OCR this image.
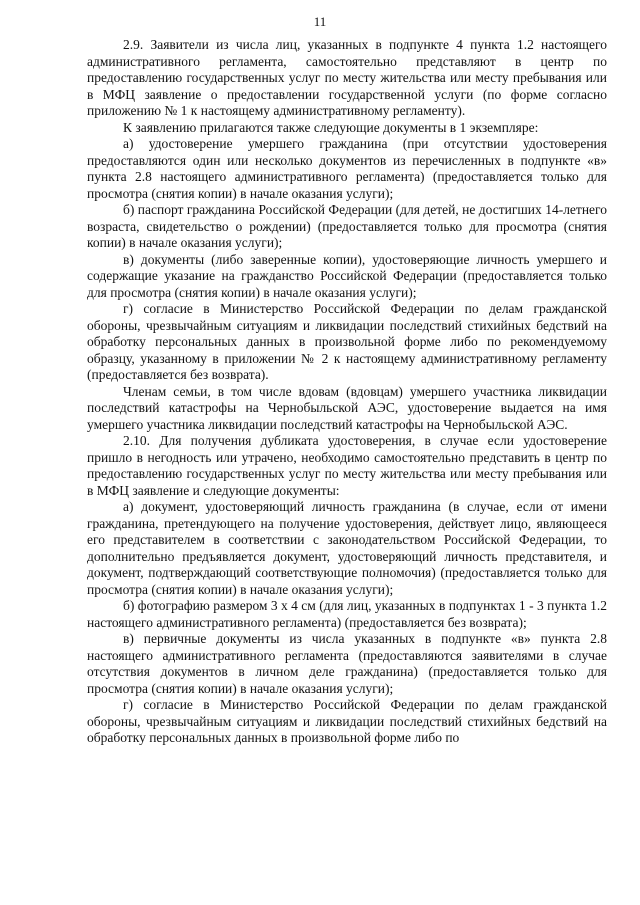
11

2.9. Заявители из числа лиц, указанных в подпункте 4 пункта 1.2 настоящего административного регламента, самостоятельно представляют в центр по предоставлению государственных услуг по месту жительства или месту пребывания или в МФЦ заявление о предоставлении государственной услуги (по форме согласно приложению № 1 к настоящему административному регламенту).

К заявлению прилагаются также следующие документы в 1 экземпляре:

а) удостоверение умершего гражданина (при отсутствии удостоверения предоставляются один или несколько документов из перечисленных в подпункте «в» пункта 2.8 настоящего административного регламента) (предоставляется только для просмотра (снятия копии) в начале оказания услуги);

б) паспорт гражданина Российской Федерации (для детей, не достигших 14-летнего возраста, свидетельство о рождении) (предоставляется только для просмотра (снятия копии) в начале оказания услуги);

в) документы (либо заверенные копии), удостоверяющие личность умершего и содержащие указание на гражданство Российской Федерации (предоставляется только для просмотра (снятия копии) в начале оказания услуги);

г) согласие в Министерство Российской Федерации по делам гражданской обороны, чрезвычайным ситуациям и ликвидации последствий стихийных бедствий на обработку персональных данных в произвольной форме либо по рекомендуемому образцу, указанному в приложении № 2 к настоящему административному регламенту (предоставляется без возврата).

Членам семьи, в том числе вдовам (вдовцам) умершего участника ликвидации последствий катастрофы на Чернобыльской АЭС, удостоверение выдается на имя умершего участника ликвидации последствий катастрофы на Чернобыльской АЭС.

2.10. Для получения дубликата удостоверения, в случае если удостоверение пришло в негодность или утрачено, необходимо самостоятельно представить в центр по предоставлению государственных услуг по месту жительства или месту пребывания или в МФЦ заявление и следующие документы:

а) документ, удостоверяющий личность гражданина (в случае, если от имени гражданина, претендующего на получение удостоверения, действует лицо, являющееся его представителем в соответствии с законодательством Российской Федерации, то дополнительно предъявляется документ, удостоверяющий личность представителя, и документ, подтверждающий соответствующие полномочия) (предоставляется только для просмотра (снятия копии) в начале оказания услуги);

б) фотографию размером 3 х 4 см (для лиц, указанных в подпунктах 1 - 3 пункта 1.2 настоящего административного регламента) (предоставляется без возврата);

в) первичные документы из числа указанных в подпункте «в» пункта 2.8 настоящего административного регламента (предоставляются заявителями в случае отсутствия документов в личном деле гражданина) (предоставляется только для просмотра (снятия копии) в начале оказания услуги);

г) согласие в Министерство Российской Федерации по делам гражданской обороны, чрезвычайным ситуациям и ликвидации последствий стихийных бедствий на обработку персональных данных в произвольной форме либо по
